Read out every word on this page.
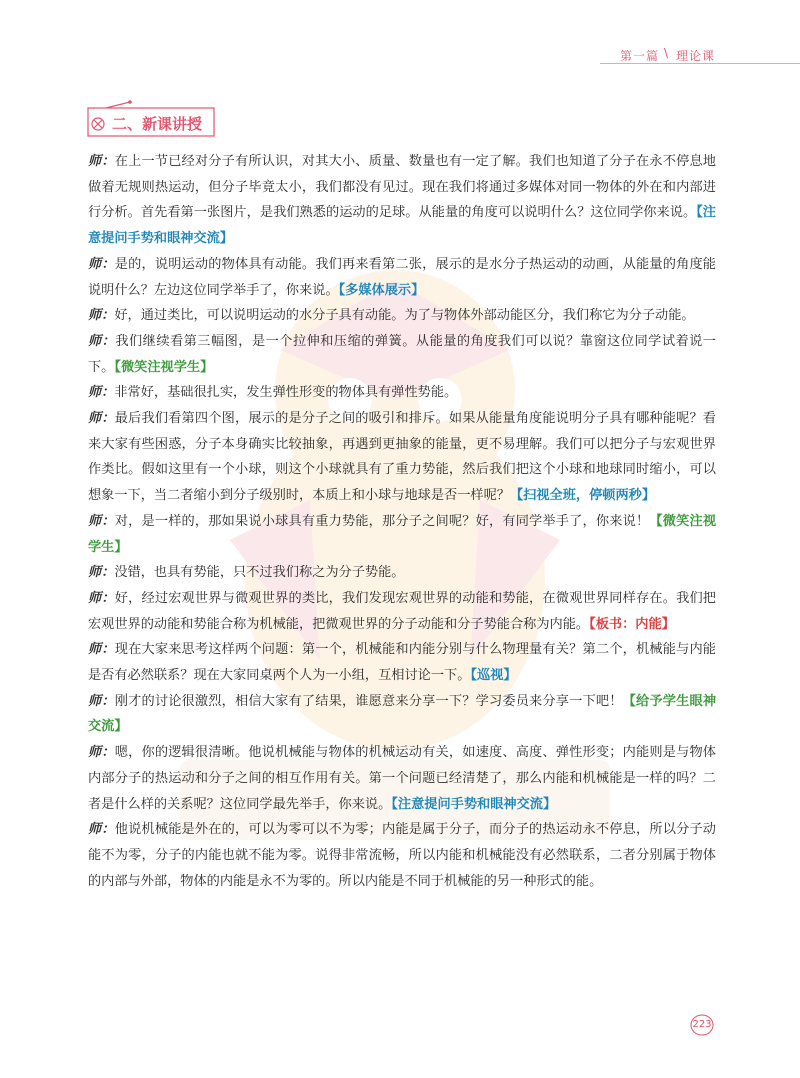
第一篇 \ 理论课
二、新课讲授

师：在上一节已经对分子有所认识，对其大小、质量、数量也有一定了解。我们也知道了分子在永不停息地做着无规则热运动，但分子毕竟太小，我们都没有见过。现在我们将通过多媒体对同一物体的外在和内部进行分析。首先看第一张图片，是我们熟悉的运动的足球。从能量的角度可以说明什么？这位同学你来说。【注意提问手势和眼神交流】

师：是的，说明运动的物体具有动能。我们再来看第二张，展示的是水分子热运动的动画，从能量的角度能说明什么？左边这位同学举手了，你来说。【多媒体展示】

师：好，通过类比，可以说明运动的水分子具有动能。为了与物体外部动能区分，我们称它为分子动能。

师：我们继续看第三幅图，是一个拉伸和压缩的弹簧。从能量的角度我们可以说？靠窗这位同学试着说一下。【微笑注视学生】

师：非常好，基础很扎实，发生弹性形变的物体具有弹性势能。

师：最后我们看第四个图，展示的是分子之间的吸引和排斥。如果从能量角度能说明分子具有哪种能呢？看来大家有些困惑，分子本身确实比较抽象，再遇到更抽象的能量，更不易理解。我们可以把分子与宏观世界作类比。假如这里有一个小球，则这个小球就具有了重力势能，然后我们把这个小球和地球同时缩小，可以想象一下，当二者缩小到分子级别时，本质上和小球与地球是否一样呢？【扫视全班，停顿两秒】

师：对，是一样的，那如果说小球具有重力势能，那分子之间呢？好，有同学举手了，你来说！【微笑注视学生】

师：没错，也具有势能，只不过我们称之为分子势能。

师：好，经过宏观世界与微观世界的类比，我们发现宏观世界的动能和势能，在微观世界同样存在。我们把宏观世界的动能和势能合称为机械能，把微观世界的分子动能和分子势能合称为内能。【板书：内能】

师：现在大家来思考这样两个问题：第一个，机械能和内能分别与什么物理量有关？第二个，机械能与内能是否有必然联系？现在大家同桌两个人为一小组，互相讨论一下。【巡视】

师：刚才的讨论很激烈，相信大家有了结果，谁愿意来分享一下？学习委员来分享一下吧！【给予学生眼神交流】

师：嗯，你的逻辑很清晰。他说机械能与物体的机械运动有关，如速度、高度、弹性形变；内能则是与物体内部分子的热运动和分子之间的相互作用有关。第一个问题已经清楚了，那么内能和机械能是一样的吗？二者是什么样的关系呢？这位同学最先举手，你来说。【注意提问手势和眼神交流】

师：他说机械能是外在的，可以为零可以不为零；内能是属于分子，而分子的热运动永不停息，所以分子动能不为零，分子的内能也就不能为零。说得非常流畅，所以内能和机械能没有必然联系，二者分别属于物体的内部与外部，物体的内能是永不为零的。所以内能是不同于机械能的另一种形式的能。

223
